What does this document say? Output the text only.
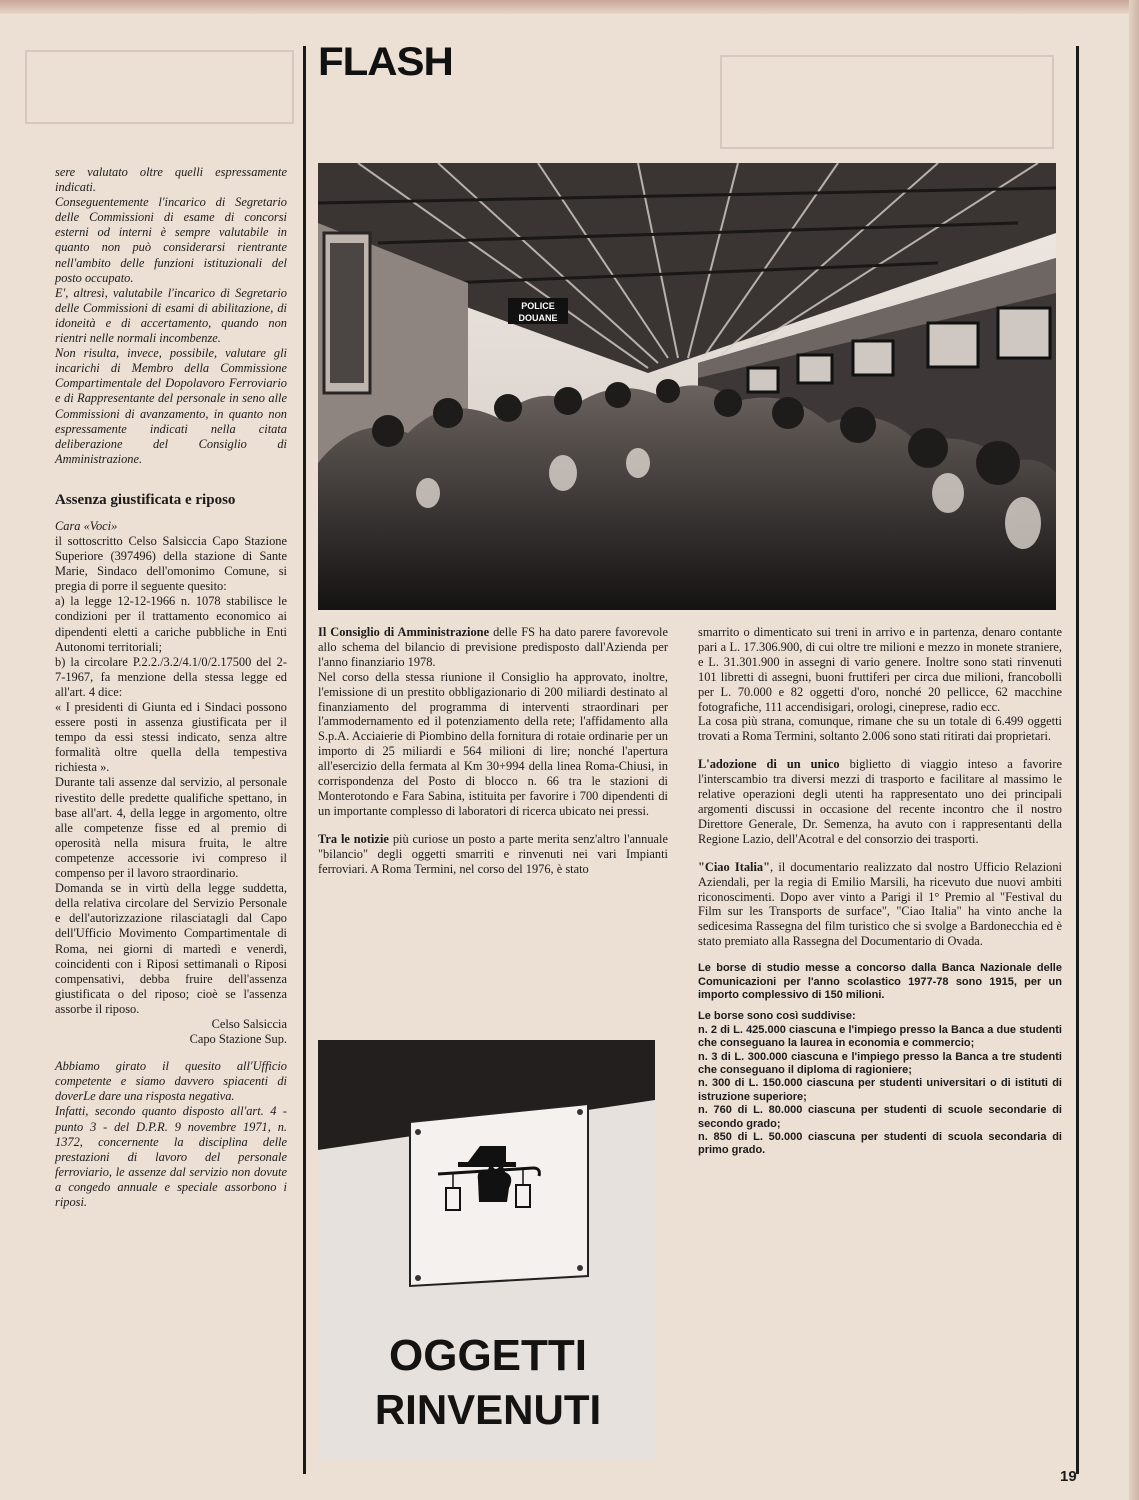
FLASH

sere valutato oltre quelli espressamente indicati.

Conseguentemente l'incarico di Segretario delle Commissioni di esame di concorsi esterni od interni è sempre valutabile in quanto non può considerarsi rientrante nell'ambito delle funzioni istituzionali del posto occupato.

E', altresì, valutabile l'incarico di Segretario delle Commissioni di esami di abilitazione, di idoneità e di accertamento, quando non rientri nelle normali incombenze.

Non risulta, invece, possibile, valutare gli incarichi di Membro della Commissione Compartimentale del Dopolavoro Ferroviario e di Rappresentante del personale in seno alle Commissioni di avanzamento, in quanto non espressamente indicati nella citata deliberazione del Consiglio di Amministrazione.

Assenza giustificata e riposo

Cara «Voci»

il sottoscritto Celso Salsiccia Capo Stazione Superiore (397496) della stazione di Sante Marie, Sindaco dell'omonimo Comune, si pregia di porre il seguente quesito:

a) la legge 12-12-1966 n. 1078 stabilisce le condizioni per il trattamento economico ai dipendenti eletti a cariche pubbliche in Enti Autonomi territoriali;

b) la circolare P.2.2./3.2/4.1/0/2.17500 del 2-7-1967, fa menzione della stessa legge ed all'art. 4 dice:

« I presidenti di Giunta ed i Sindaci possono essere posti in assenza giustificata per il tempo da essi stessi indicato, senza altre formalità oltre quella della tempestiva richiesta ».

Durante tali assenze dal servizio, al personale rivestito delle predette qualifiche spettano, in base all'art. 4, della legge in argomento, oltre alle competenze fisse ed al premio di operosità nella misura fruita, le altre competenze accessorie ivi compreso il compenso per il lavoro straordinario.

Domanda se in virtù della legge suddetta, della relativa circolare del Servizio Personale e dell'autorizzazione rilasciatagli dal Capo dell'Ufficio Movimento Compartimentale di Roma, nei giorni di martedì e venerdì, coincidenti con i Riposi settimanali o Riposi compensativi, debba fruire dell'assenza giustificata o del riposo; cioè se l'assenza assorbe il riposo.

Celso Salsiccia

Capo Stazione Sup.

Abbiamo girato il quesito all'Ufficio competente e siamo davvero spiacenti di doverLe dare una risposta negativa.

Infatti, secondo quanto disposto all'art. 4 - punto 3 - del D.P.R. 9 novembre 1971, n. 1372, concernente la disciplina delle prestazioni di lavoro del personale ferroviario, le assenze dal servizio non dovute a congedo annuale e speciale assorbono i riposi.

POLICE
DOUANE

Il Consiglio di Amministrazione delle FS ha dato parere favorevole allo schema del bilancio di previsione predisposto dall'Azienda per l'anno finanziario 1978.

Nel corso della stessa riunione il Consiglio ha approvato, inoltre, l'emissione di un prestito obbligazionario di 200 miliardi destinato al finanziamento del programma di interventi straordinari per l'ammodernamento ed il potenziamento della rete; l'affidamento alla S.p.A. Acciaierie di Piombino della fornitura di rotaie ordinarie per un importo di 25 miliardi e 564 milioni di lire; nonché l'apertura all'esercizio della fermata al Km 30+994 della linea Roma-Chiusi, in corrispondenza del Posto di blocco n. 66 tra le stazioni di Monterotondo e Fara Sabina, istituita per favorire i 700 dipendenti di un importante complesso di laboratori di ricerca ubicato nei pressi.

Tra le notizie più curiose un posto a parte merita senz'altro l'annuale "bilancio" degli oggetti smarriti e rinvenuti nei vari Impianti ferroviari. A Roma Termini, nel corso del 1976, è stato

OGGETTI
RINVENUTI

smarrito o dimenticato sui treni in arrivo e in partenza, denaro contante pari a L. 17.306.900, di cui oltre tre milioni e mezzo in monete straniere, e L. 31.301.900 in assegni di vario genere. Inoltre sono stati rinvenuti 101 libretti di assegni, buoni fruttiferi per circa due milioni, francobolli per L. 70.000 e 82 oggetti d'oro, nonché 20 pellicce, 62 macchine fotografiche, 111 accendisigari, orologi, cineprese, radio ecc.

La cosa più strana, comunque, rimane che su un totale di 6.499 oggetti trovati a Roma Termini, soltanto 2.006 sono stati ritirati dai proprietari.

L'adozione di un unico biglietto di viaggio inteso a favorire l'interscambio tra diversi mezzi di trasporto e facilitare al massimo le relative operazioni degli utenti ha rappresentato uno dei principali argomenti discussi in occasione del recente incontro che il nostro Direttore Generale, Dr. Semenza, ha avuto con i rappresentanti della Regione Lazio, dell'Acotral e del consorzio dei trasporti.

"Ciao Italia", il documentario realizzato dal nostro Ufficio Relazioni Aziendali, per la regia di Emilio Marsili, ha ricevuto due nuovi ambiti riconoscimenti. Dopo aver vinto a Parigi il 1° Premio al "Festival du Film sur les Transports de surface", "Ciao Italia" ha vinto anche la sedicesima Rassegna del film turistico che si svolge a Bardonecchia ed è stato premiato alla Rassegna del Documentario di Ovada.

Le borse di studio messe a concorso dalla Banca Nazionale delle Comunicazioni per l'anno scolastico 1977-78 sono 1915, per un importo complessivo di 150 milioni.

Le borse sono così suddivise:

n. 2 di L. 425.000 ciascuna e l'impiego presso la Banca a due studenti che conseguano la laurea in economia e commercio;

n. 3 di L. 300.000 ciascuna e l'impiego presso la Banca a tre studenti che conseguano il diploma di ragioniere;

n. 300 di L. 150.000 ciascuna per studenti universitari o di istituti di istruzione superiore;

n. 760 di L. 80.000 ciascuna per studenti di scuole secondarie di secondo grado;

n. 850 di L. 50.000 ciascuna per studenti di scuola secondaria di primo grado.

19
